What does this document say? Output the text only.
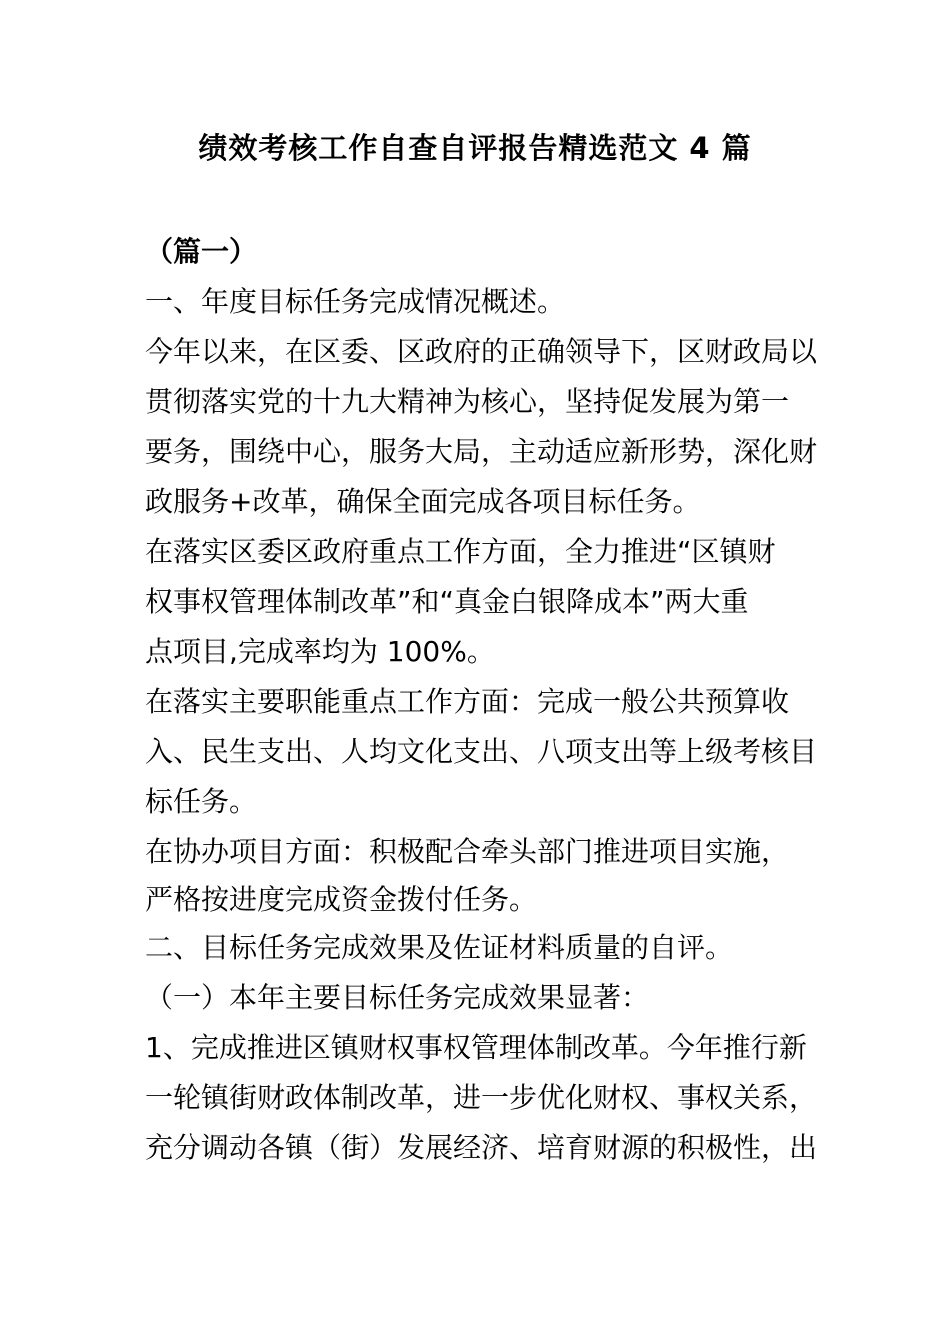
绩效考核工作自查自评报告精选范文 4 篇
（篇一）
一、年度目标任务完成情况概述。
今年以来，在区委、区政府的正确领导下，区财政局以
贯彻落实党的十九大精神为核心，坚持促发展为第一
要务，围绕中心，服务大局，主动适应新形势，深化财
政服务+改革，确保全面完成各项目标任务。
在落实区委区政府重点工作方面，全力推进“区镇财
权事权管理体制改革”和“真金白银降成本”两大重
点项目,完成率均为 100%。
在落实主要职能重点工作方面：完成一般公共预算收
入、民生支出、人均文化支出、八项支出等上级考核目
标任务。
在协办项目方面：积极配合牵头部门推进项目实施，
严格按进度完成资金拨付任务。
二、目标任务完成效果及佐证材料质量的自评。
（一）本年主要目标任务完成效果显著：
1、完成推进区镇财权事权管理体制改革。今年推行新
一轮镇街财政体制改革，进一步优化财权、事权关系，
充分调动各镇（街）发展经济、培育财源的积极性，出
